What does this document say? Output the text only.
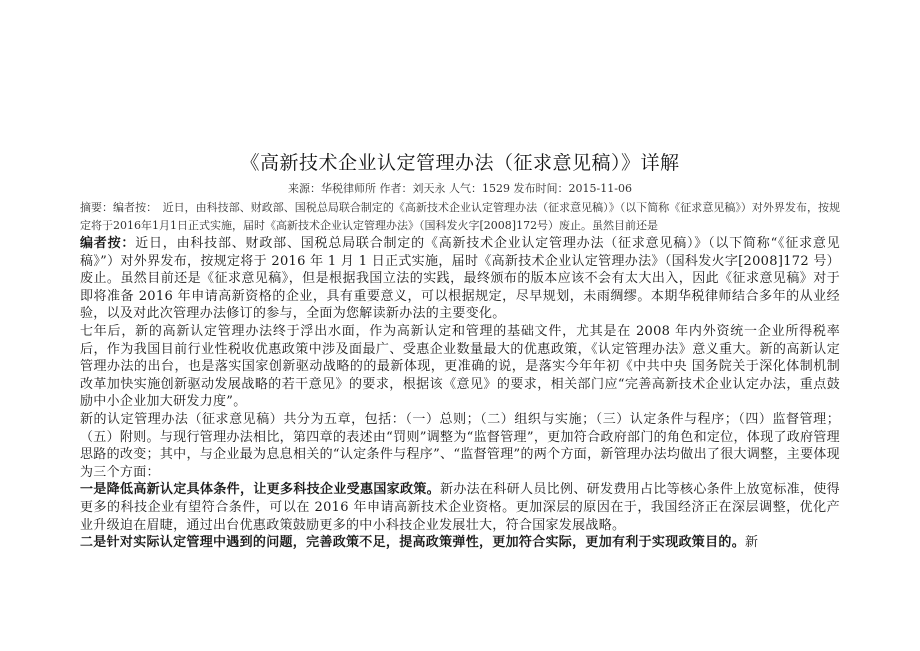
《高新技术企业认定管理办法（征求意见稿）》详解
来源：华税律师所 作者：刘天永 人气：1529 发布时间：2015-11-06
摘要：编者按：　近日，由科技部、财政部、国税总局联合制定的《高新技术企业认定管理办法（征求意见稿）》（以下简称《征求意见稿》）对外界发布，按规定将于2016年1月1日正式实施，届时《高新技术企业认定管理办法》（国科发火字[2008]172号）废止。虽然目前还是

编者按：近日，由科技部、财政部、国税总局联合制定的《高新技术企业认定管理办法（征求意见稿）》（以下简称“《征求意见稿》”）对外界发布，按规定将于 2016 年 1 月 1 日正式实施，届时《高新技术企业认定管理办法》（国科发火字[2008]172 号）废止。虽然目前还是《征求意见稿》，但是根据我国立法的实践，最终颁布的版本应该不会有太大出入，因此《征求意见稿》对于即将准备 2016 年申请高新资格的企业，具有重要意义，可以根据规定，尽早规划，未雨绸缪。本期华税律师结合多年的从业经验，以及对此次管理办法修订的参与，全面为您解读新办法的主要变化。

七年后，新的高新认定管理办法终于浮出水面，作为高新认定和管理的基础文件，尤其是在 2008 年内外资统一企业所得税率后，作为我国目前行业性税收优惠政策中涉及面最广、受惠企业数量最大的优惠政策，《认定管理办法》意义重大。新的高新认定管理办法的出台，也是落实国家创新驱动战略的的最新体现，更准确的说，是落实今年年初《中共中央 国务院关于深化体制机制改革加快实施创新驱动发展战略的若干意见》的要求，根据该《意见》的要求，相关部门应“完善高新技术企业认定办法，重点鼓励中小企业加大研发力度”。

新的认定管理办法（征求意见稿）共分为五章，包括：（一）总则；（二）组织与实施；（三）认定条件与程序；（四）监督管理；（五）附则。与现行管理办法相比，第四章的表述由“罚则”调整为“监督管理”，更加符合政府部门的角色和定位，体现了政府管理思路的改变；其中，与企业最为息息相关的“认定条件与程序”、“监督管理”的两个方面，新管理办法均做出了很大调整，主要体现为三个方面：

一是降低高新认定具体条件，让更多科技企业受惠国家政策。新办法在科研人员比例、研发费用占比等核心条件上放宽标准，使得更多的科技企业有望符合条件，可以在 2016 年申请高新技术企业资格。更加深层的原因在于，我国经济正在深层调整，优化产业升级迫在眉睫，通过出台优惠政策鼓励更多的中小科技企业发展壮大，符合国家发展战略。

二是针对实际认定管理中遇到的问题，完善政策不足，提高政策弹性，更加符合实际，更加有利于实现政策目的。新
